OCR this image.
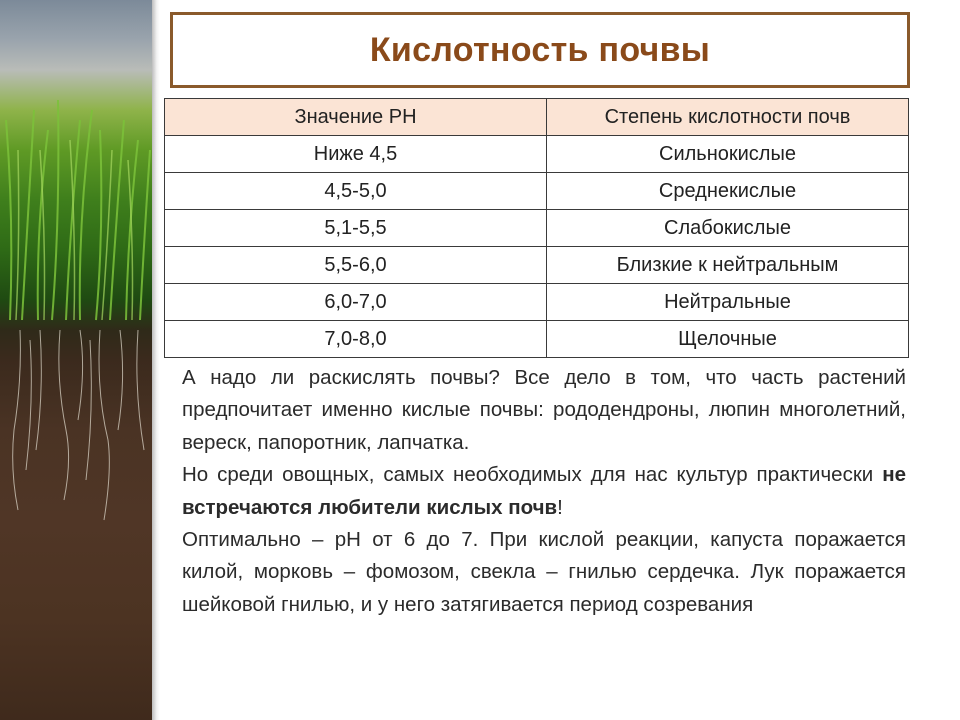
Кислотность почвы
Значение PH	Степень кислотности почв
Ниже 4,5	Сильнокислые
4,5-5,0	Среднекислые
5,1-5,5	Слабокислые
5,5-6,0	Близкие к нейтральным
6,0-7,0	Нейтральные
7,0-8,0	Щелочные

А надо ли раскислять почвы? Все дело в том, что часть растений предпочитает именно кислые почвы: рододендроны, люпин многолетний, вереск, папоротник, лапчатка.

Но среди овощных, самых необходимых для нас культур практически не встречаются любители кислых почв!

Оптимально – рН от 6 до 7. При кислой реакции, капуста поражается килой, морковь – фомозом, свекла – гнилью сердечка. Лук поражается шейковой гнилью, и у него затягивается период созревания
